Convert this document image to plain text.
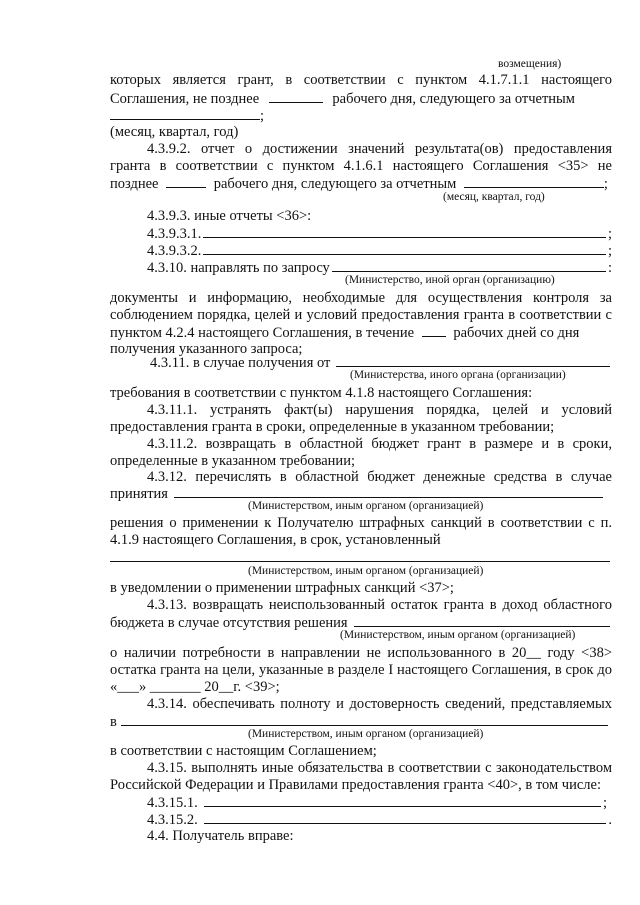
возмещения)
которых является грант, в соответствии с пунктом 4.1.7.1.1 настоящего
Соглашения, не позднее	рабочего дня, следующего за отчетным
;
(месяц, квартал, год)
4.3.9.2. отчет о достижении значений результата(ов) предоставления
гранта в соответствии с пунктом 4.1.6.1 настоящего Соглашения <35> не
позднее	рабочего дня, следующего за отчетным	;
(месяц, квартал, год)
4.3.9.3. иные отчеты <36>:
4.3.9.3.1.	;
4.3.9.3.2.	;
4.3.10. направлять по запросу	:
(Министерство, иной орган (организацию)
документы и информацию, необходимые для осуществления контроля за
соблюдением порядка, целей и условий предоставления гранта в соответствии с
пунктом 4.2.4 настоящего Соглашения, в течение	рабочих дней со дня
получения указанного запроса;
4.3.11. в случае получения от
(Министерства, иного органа (организации)
требования в соответствии с пунктом 4.1.8 настоящего Соглашения:
4.3.11.1. устранять факт(ы) нарушения порядка, целей и условий
предоставления гранта в сроки, определенные в указанном требовании;
4.3.11.2. возвращать в областной бюджет грант в размере и в сроки,
определенные в указанном требовании;
4.3.12. перечислять в областной бюджет денежные средства в случае
принятия
(Министерством, иным органом (организацией)
решения о применении к Получателю штрафных санкций в соответствии с п.
4.1.9 настоящего Соглашения, в срок, установленный
(Министерством, иным органом (организацией)
в уведомлении о применении штрафных санкций <37>;
4.3.13. возвращать неиспользованный остаток гранта в доход областного
бюджета в случае отсутствия решения
(Министерством, иным органом (организацией)
о наличии потребности в направлении не использованного в 20__ году <38>
остатка гранта на цели, указанные в разделе I настоящего Соглашения, в срок до
«___» _______ 20__г. <39>;
4.3.14. обеспечивать полноту и достоверность сведений, представляемых
в
(Министерством, иным органом (организацией)
в соответствии с настоящим Соглашением;
4.3.15. выполнять иные обязательства в соответствии с законодательством
Российской Федерации и Правилами предоставления гранта <40>, в том числе:
4.3.15.1.	;
4.3.15.2.	.
4.4. Получатель вправе:
